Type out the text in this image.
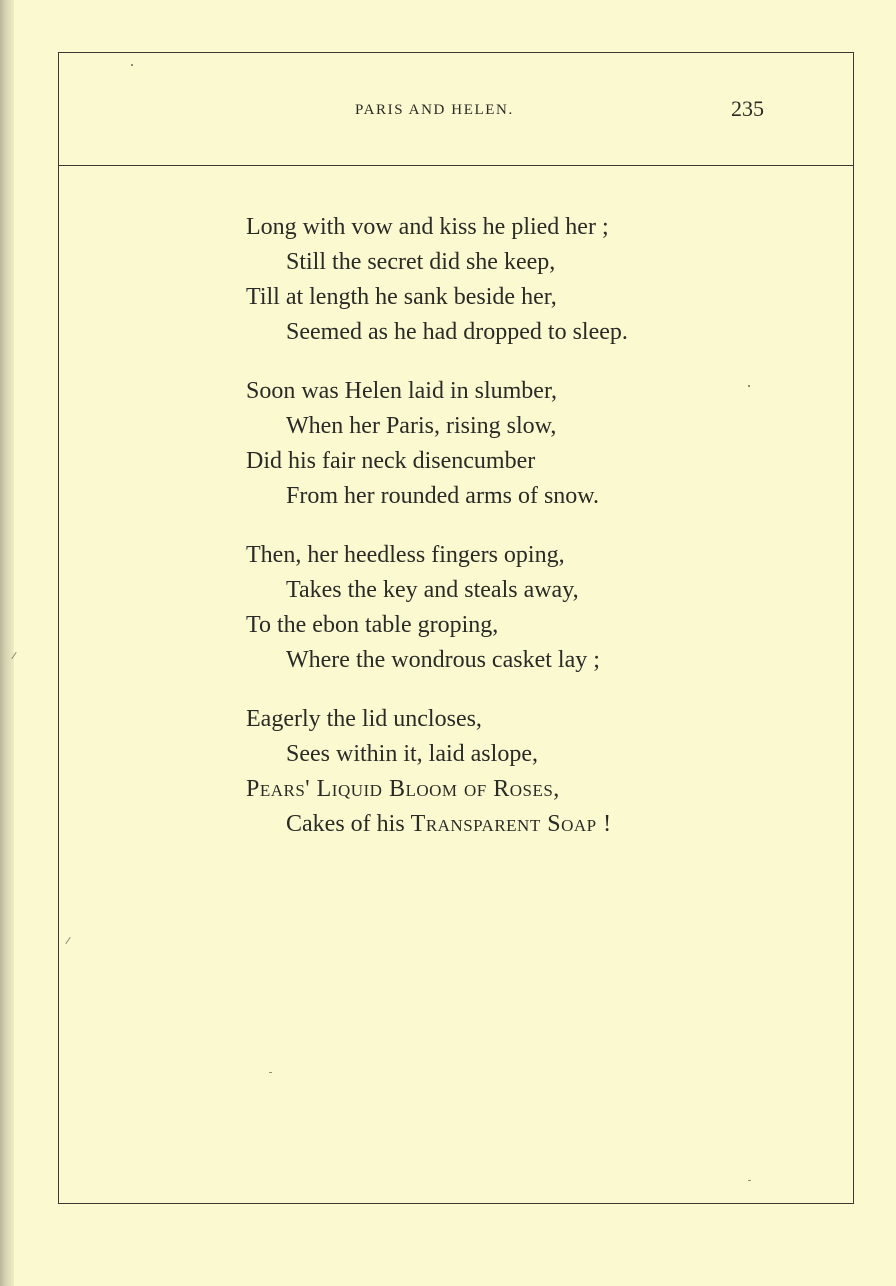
PARIS AND HELEN.	235
Long with vow and kiss he plied her ;
Still the secret did she keep,
Till at length he sank beside her,
Seemed as he had dropped to sleep.
Soon was Helen laid in slumber,
When her Paris, rising slow,
Did his fair neck disencumber
From her rounded arms of snow.
Then, her heedless fingers oping,
Takes the key and steals away,
To the ebon table groping,
Where the wondrous casket lay ;
Eagerly the lid uncloses,
Sees within it, laid aslope,
Pears' Liquid Bloom of Roses,
Cakes of his Transparent Soap !
